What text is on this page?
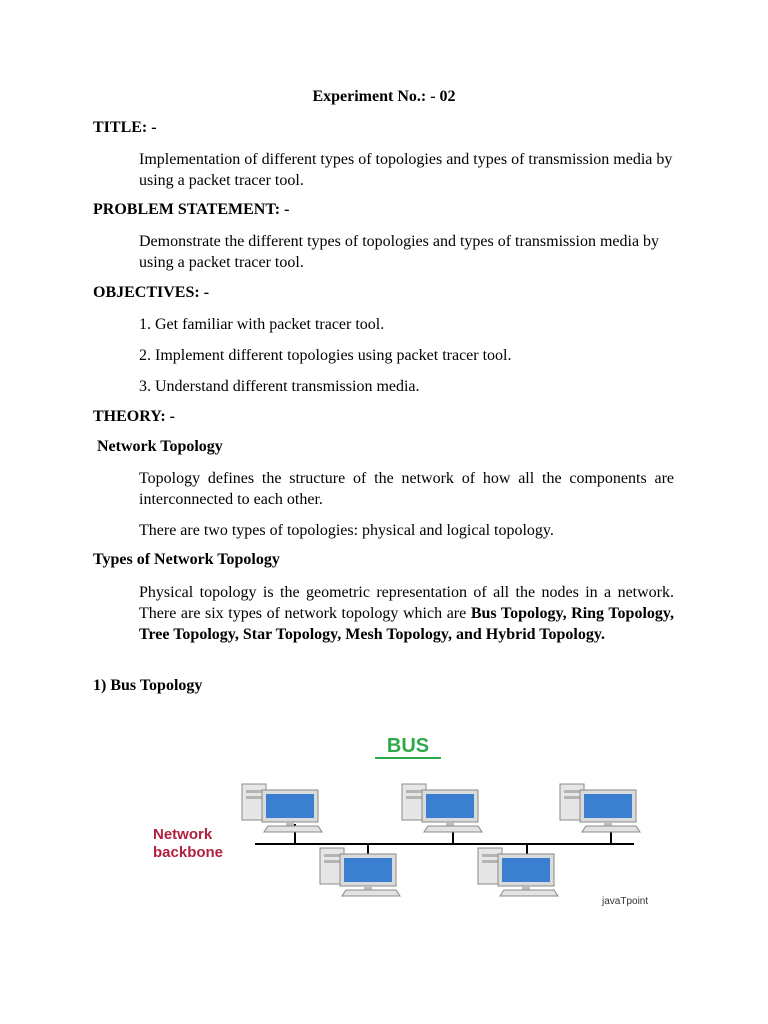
Experiment No.: - 02
TITLE: -
Implementation of different types of topologies and types of transmission media by using a packet tracer tool.
PROBLEM STATEMENT: -
Demonstrate the different types of topologies and types of transmission media by using a packet tracer tool.
OBJECTIVES: -
1. Get familiar with packet tracer tool.
2. Implement different topologies using packet tracer tool.
3. Understand different transmission media.
THEORY: -
Network Topology
Topology defines the structure of the network of how all the components are interconnected to each other.
There are two types of topologies: physical and logical topology.
Types of Network Topology
Physical topology is the geometric representation of all the nodes in a network. There are six types of network topology which are Bus Topology, Ring Topology, Tree Topology, Star Topology, Mesh Topology, and Hybrid Topology.
1) Bus Topology
BUS
Network
backbone
javaTpoint
